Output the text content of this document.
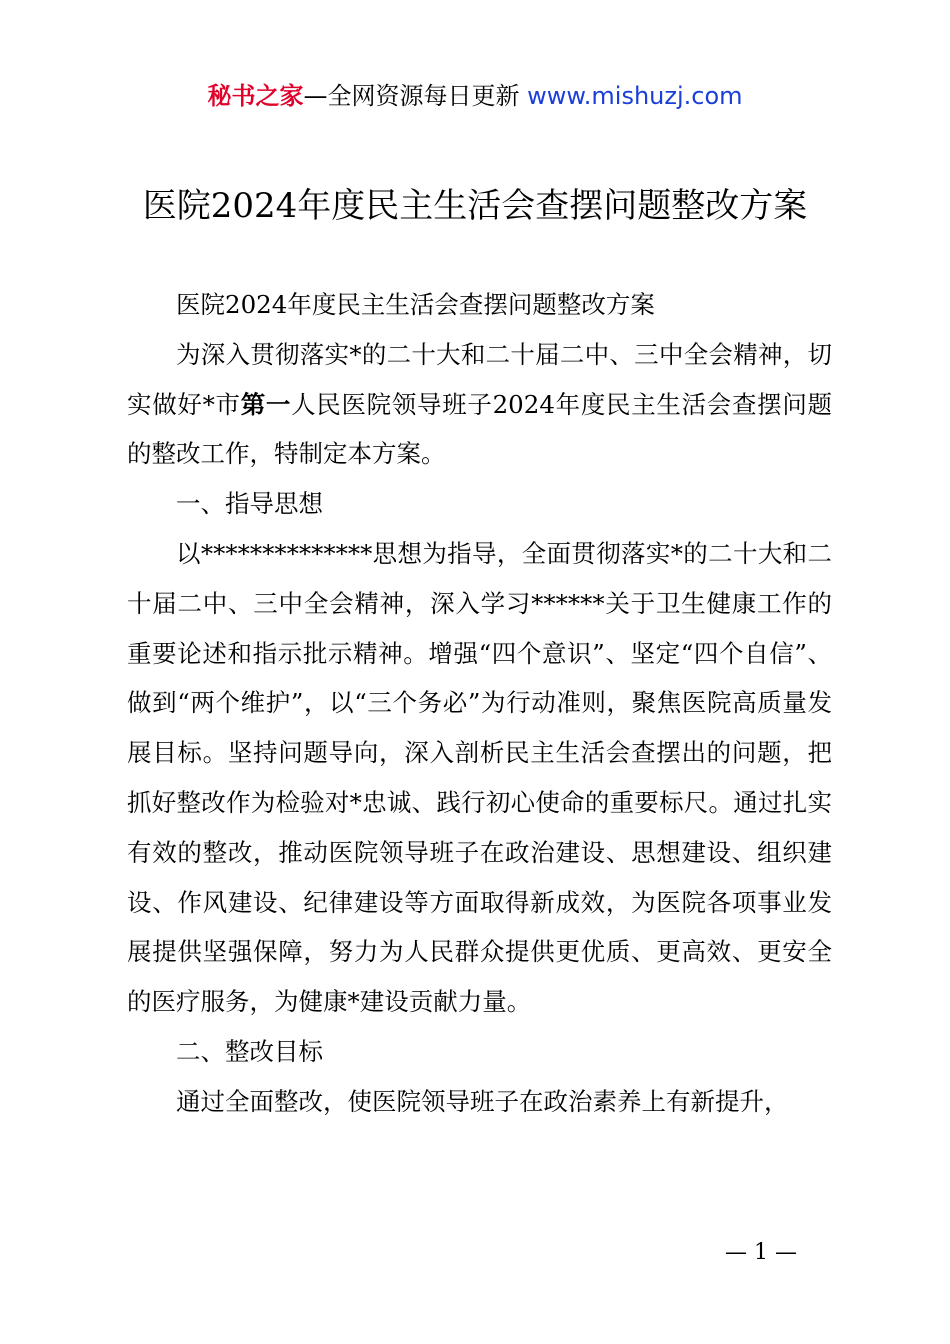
秘书之家—全网资源每日更新 www.mishuzj.com
医院2024年度民主生活会查摆问题整改方案

医院2024年度民主生活会查摆问题整改方案

为深入贯彻落实*的二十大和二十届二中、三中全会精神，切实做好*市第一人民医院领导班子2024年度民主生活会查摆问题的整改工作，特制定本方案。

一、指导思想

以**************思想为指导，全面贯彻落实*的二十大和二十届二中、三中全会精神，深入学习******关于卫生健康工作的重要论述和指示批示精神。增强“四个意识”、坚定“四个自信”、做到“两个维护”，以“三个务必”为行动准则，聚焦医院高质量发展目标。坚持问题导向，深入剖析民主生活会查摆出的问题，把抓好整改作为检验对*忠诚、践行初心使命的重要标尺。通过扎实有效的整改，推动医院领导班子在政治建设、思想建设、组织建设、作风建设、纪律建设等方面取得新成效，为医院各项事业发展提供坚强保障，努力为人民群众提供更优质、更高效、更安全的医疗服务，为健康*建设贡献力量。

二、整改目标

通过全面整改，使医院领导班子在政治素养上有新提升，

— 1 —
